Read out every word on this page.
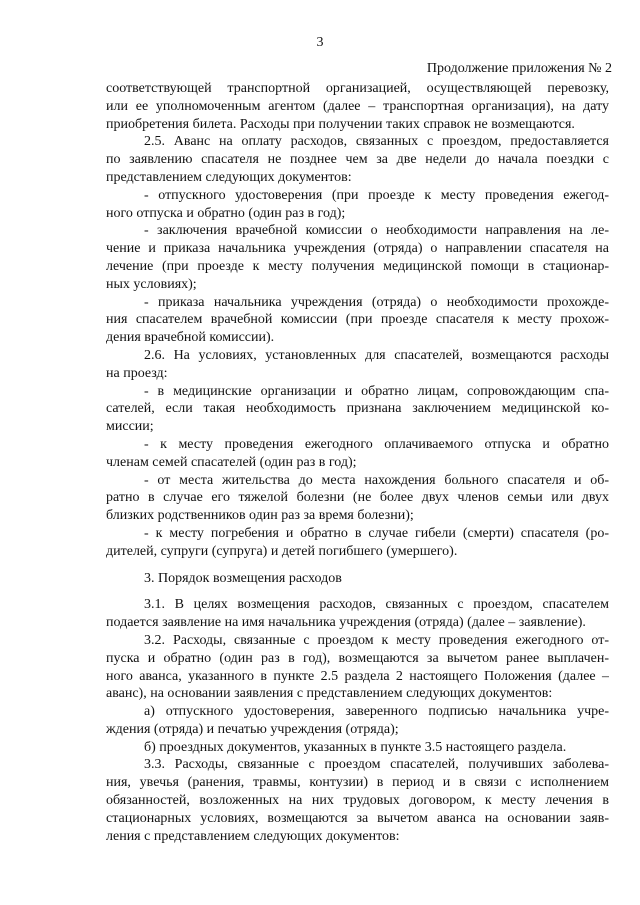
3
Продолжение приложения № 2
соответствующей транспортной организацией, осуществляющей перевозку,
или ее уполномоченным агентом (далее – транспортная организация), на дату
приобретения билета. Расходы при получении таких справок не возмещаются.
2.5. Аванс на оплату расходов, связанных с проездом, предоставляется
по заявлению спасателя не позднее чем за две недели до начала поездки с
представлением следующих документов:
- отпускного удостоверения (при проезде к месту проведения ежегод-
ного отпуска и обратно (один раз в год);
- заключения врачебной комиссии о необходимости направления на ле-
чение и приказа начальника учреждения (отряда) о направлении спасателя на
лечение (при проезде к месту получения медицинской помощи в стационар-
ных условиях);
- приказа начальника учреждения (отряда) о необходимости прохожде-
ния спасателем врачебной комиссии (при проезде спасателя к месту прохож-
дения врачебной комиссии).
2.6. На условиях, установленных для спасателей, возмещаются расходы
на проезд:
- в медицинские организации и обратно лицам, сопровождающим спа-
сателей, если такая необходимость признана заключением медицинской ко-
миссии;
- к месту проведения ежегодного оплачиваемого отпуска и обратно
членам семей спасателей (один раз в год);
- от места жительства до места нахождения больного спасателя и об-
ратно в случае его тяжелой болезни (не более двух членов семьи или двух
близких родственников один раз за время болезни);
- к месту погребения и обратно в случае гибели (смерти) спасателя (ро-
дителей, супруги (супруга) и детей погибшего (умершего).
3. Порядок возмещения расходов
3.1. В целях возмещения расходов, связанных с проездом, спасателем
подается заявление на имя начальника учреждения (отряда) (далее – заявление).
3.2. Расходы, связанные с проездом к месту проведения ежегодного от-
пуска и обратно (один раз в год), возмещаются за вычетом ранее выплачен-
ного аванса, указанного в пункте 2.5 раздела 2 настоящего Положения (далее –
аванс), на основании заявления с представлением следующих документов:
а) отпускного удостоверения, заверенного подписью начальника учре-
ждения (отряда) и печатью учреждения (отряда);
б) проездных документов, указанных в пункте 3.5 настоящего раздела.
3.3. Расходы, связанные с проездом спасателей, получивших заболева-
ния, увечья (ранения, травмы, контузии) в период и в связи с исполнением
обязанностей, возложенных на них трудовых договором, к месту лечения в
стационарных условиях, возмещаются за вычетом аванса на основании заяв-
ления с представлением следующих документов:
